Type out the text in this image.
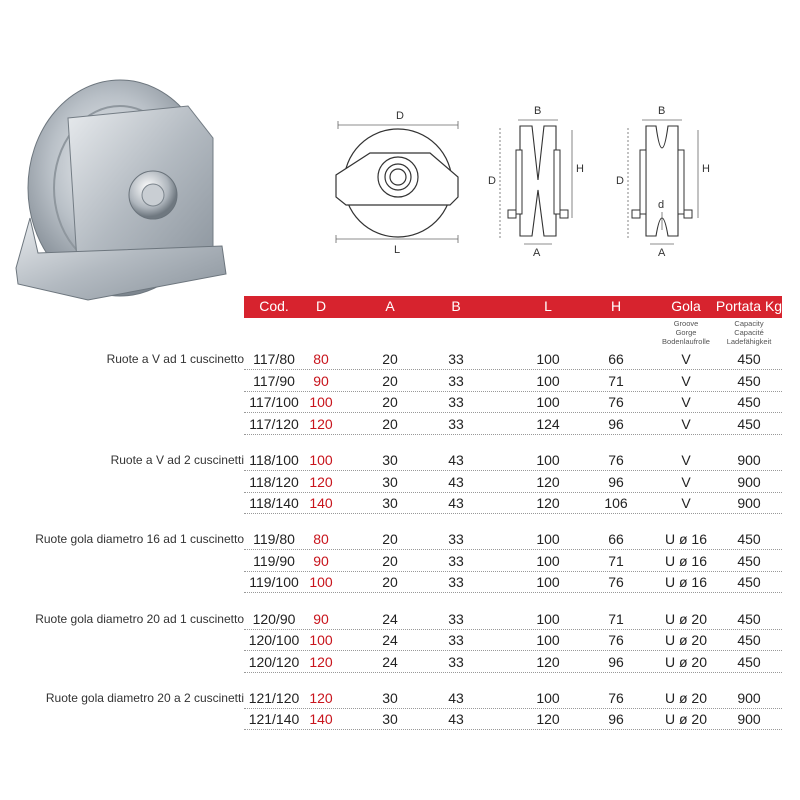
D
L
B
D
H
A
B
D
d
H
A
Cod.	D	A	B	L	H	Gola	Portata Kg
Groove
Gorge
Bodenlaufrolle
Capacity
Capacité
Ladefähigkeit
Ruote a V ad 1 cuscinetto 117/80	80	20	33	100	66	V	450
117/90	90	20	33	100	71	V	450
117/100 100	20	33	100	76	V	450
117/120 120	20	33	124	96	V	450
Ruote a V ad 2 cuscinetti 118/100 100	30	43	100	76	V	900
118/120 120	30	43	120	96	V	900
118/140 140	30	43	120	106	V	900
Ruote gola diametro 16 ad 1 cuscinetto 119/80	80	20	33	100	66	U ø 16	450
119/90	90	20	33	100	71	U ø 16	450
119/100 100	20	33	100	76	U ø 16	450
Ruote gola diametro 20 ad 1 cuscinetto 120/90	90	24	33	100	71	U ø 20	450
120/100 100	24	33	100	76	U ø 20	450
120/120 120	24	33	120	96	U ø 20	450
Ruote gola diametro 20 a 2 cuscinetti 121/120 120	30	43	100	76	U ø 20	900
121/140 140	30	43	120	96	U ø 20	900
